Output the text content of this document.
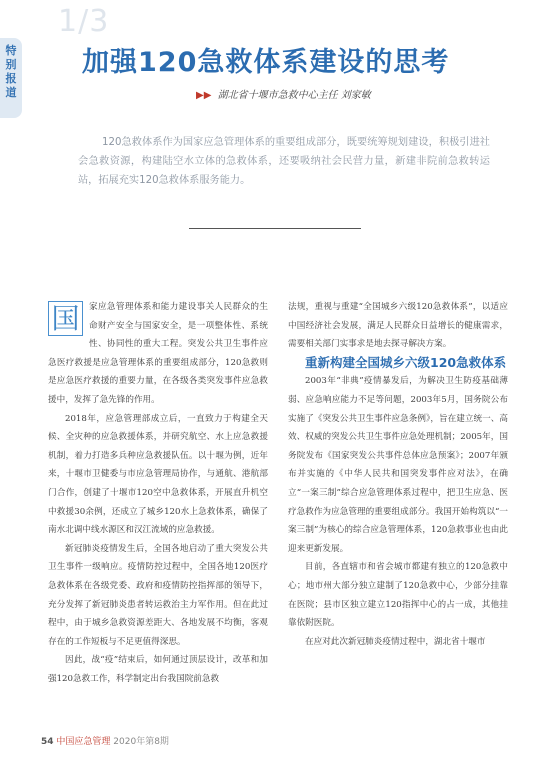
1/3
特别报道
加强120急救体系建设的思考
▶▶ 湖北省十堰市急救中心主任 刘家敏
120急救体系作为国家应急管理体系的重要组成部分，既要统筹规划建设，积极引进社会急救资源，构建陆空水立体的急救体系，还要吸纳社会民营力量，新建非院前急救转运站，拓展充实120急救体系服务能力。

国	家应急管理体系和能力建设事关人民群众的生命财产安全与国家安全，是一项整体性、系统性、协同性的重大工程。突发公共卫生事件应急医疗救援是应急管理体系的重要组成部分，120急救则是应急医疗救援的重要力量，在各级各类突发事件应急救援中，发挥了急先锋的作用。

2018年，应急管理部成立后，一直致力于构建全天候、全灾种的应急救援体系，并研究航空、水上应急救援机制，着力打造多兵种应急救援队伍。以十堰为例，近年来，十堰市卫健委与市应急管理局协作，与通航、港航部门合作，创建了十堰市120空中急救体系，开展直升机空中救援30余例，还成立了城乡120水上急救体系，确保了南水北调中线水源区和汉江流域的应急救援。

新冠肺炎疫情发生后，全国各地启动了重大突发公共卫生事件一级响应。疫情防控过程中，全国各地120医疗急救体系在各级党委、政府和疫情防控指挥部的领导下，充分发挥了新冠肺炎患者转运救治主力军作用。但在此过程中，由于城乡急救资源差距大、各地发展不均衡，客观存在的工作短板与不足更值得深思。

因此，战“疫”结束后，如何通过顶层设计，改革和加强120急救工作，科学制定出台我国院前急救

法规，重视与重建“全国城乡六级120急救体系”，以适应中国经济社会发展，满足人民群众日益增长的健康需求，需要相关部门实事求是地去探寻解决方案。

重新构建全国城乡六级120急救体系

2003年“非典”疫情暴发后，为解决卫生防疫基础薄弱、应急响应能力不足等问题，2003年5月，国务院公布实施了《突发公共卫生事件应急条例》，旨在建立统一、高效、权威的突发公共卫生事件应急处理机制；2005年，国务院发布《国家突发公共事件总体应急预案》；2007年颁布并实施的《中华人民共和国突发事件应对法》，在确立“一案三制”综合应急管理体系过程中，把卫生应急、医疗急救作为应急管理的重要组成部分。我国开始构筑以“一案三制”为核心的综合应急管理体系，120急救事业也由此迎来更新发展。

目前，各直辖市和省会城市都建有独立的120急救中心；地市州大部分独立建制了120急救中心，少部分挂靠在医院；县市区独立建立120指挥中心的占一成，其他挂靠依附医院。

在应对此次新冠肺炎疫情过程中，湖北省十堰市

54 中国应急管理 2020年第8期
